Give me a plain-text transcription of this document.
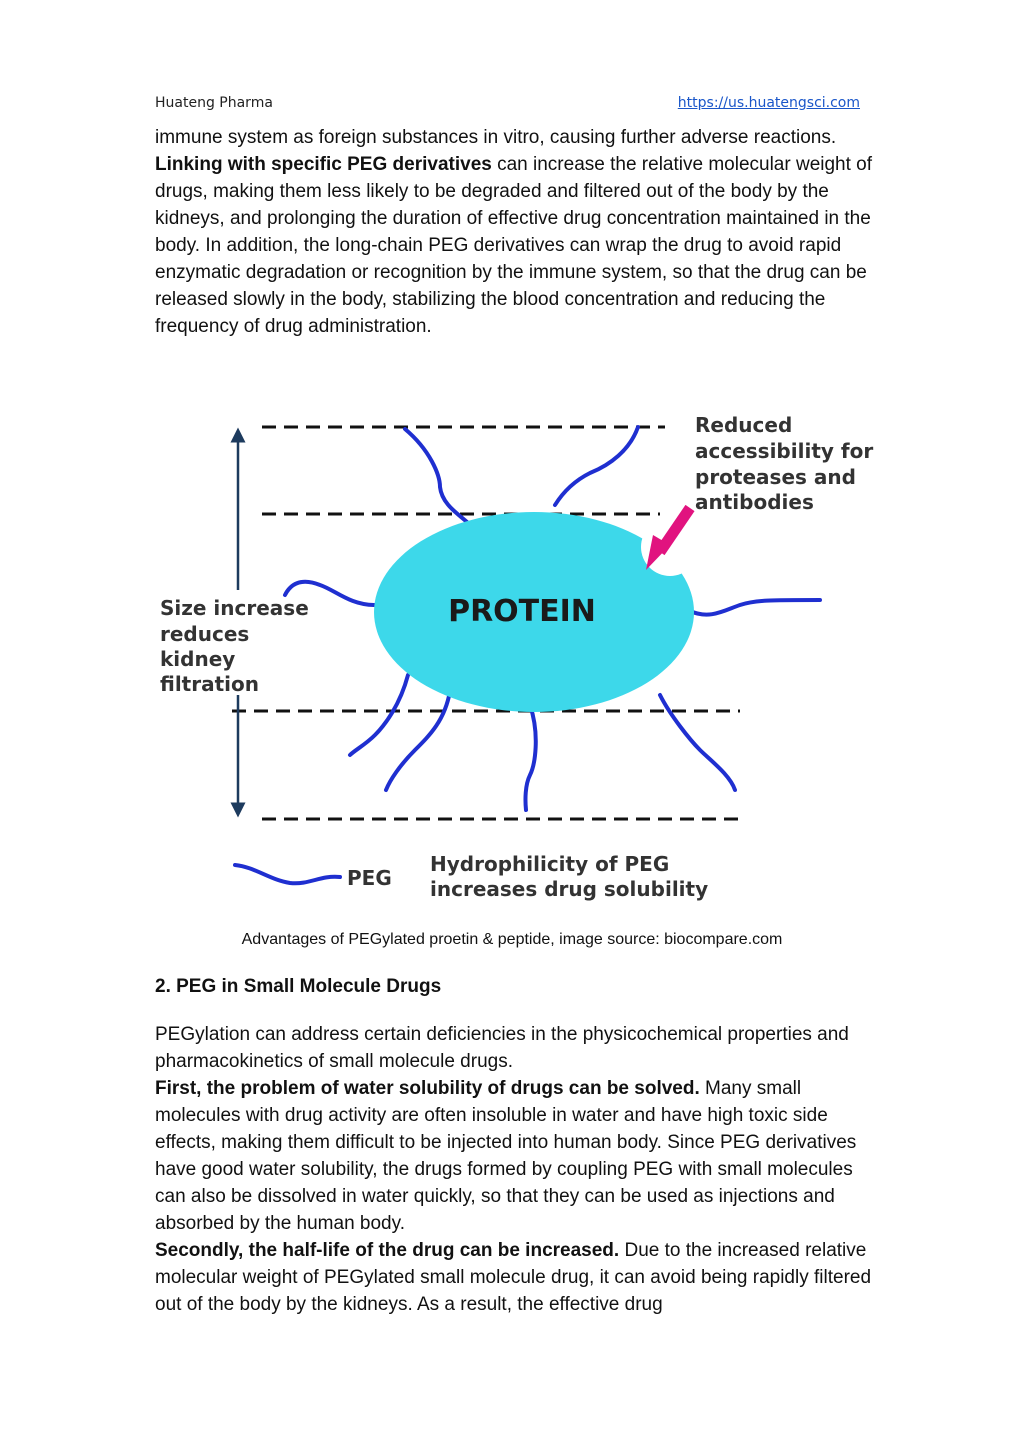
Huateng Pharma	https://us.huatengsci.com

immune system as foreign substances in vitro, causing further adverse reactions.

Linking with specific PEG derivatives can increase the relative molecular weight of drugs, making them less likely to be degraded and filtered out of the body by the kidneys, and prolonging the duration of effective drug concentration maintained in the body. In addition, the long-chain PEG derivatives can wrap the drug to avoid rapid enzymatic degradation or recognition by the immune system, so that the drug can be released slowly in the body, stabilizing the blood concentration and reducing the frequency of drug administration.

PROTEIN
Reduced accessibility for proteases and antibodies
Size increase reduces kidney filtration
PEG
Hydrophilicity of PEG increases drug solubility
Advantages of PEGylated proetin & peptide, image source: biocompare.com
2. PEG in Small Molecule Drugs

PEGylation can address certain deficiencies in the physicochemical properties and pharmacokinetics of small molecule drugs.

First, the problem of water solubility of drugs can be solved. Many small molecules with drug activity are often insoluble in water and have high toxic side effects, making them difficult to be injected into human body. Since PEG derivatives have good water solubility, the drugs formed by coupling PEG with small molecules can also be dissolved in water quickly, so that they can be used as injections and absorbed by the human body.

Secondly, the half-life of the drug can be increased. Due to the increased relative molecular weight of PEGylated small molecule drug, it can avoid being rapidly filtered out of the body by the kidneys. As a result, the effective drug
